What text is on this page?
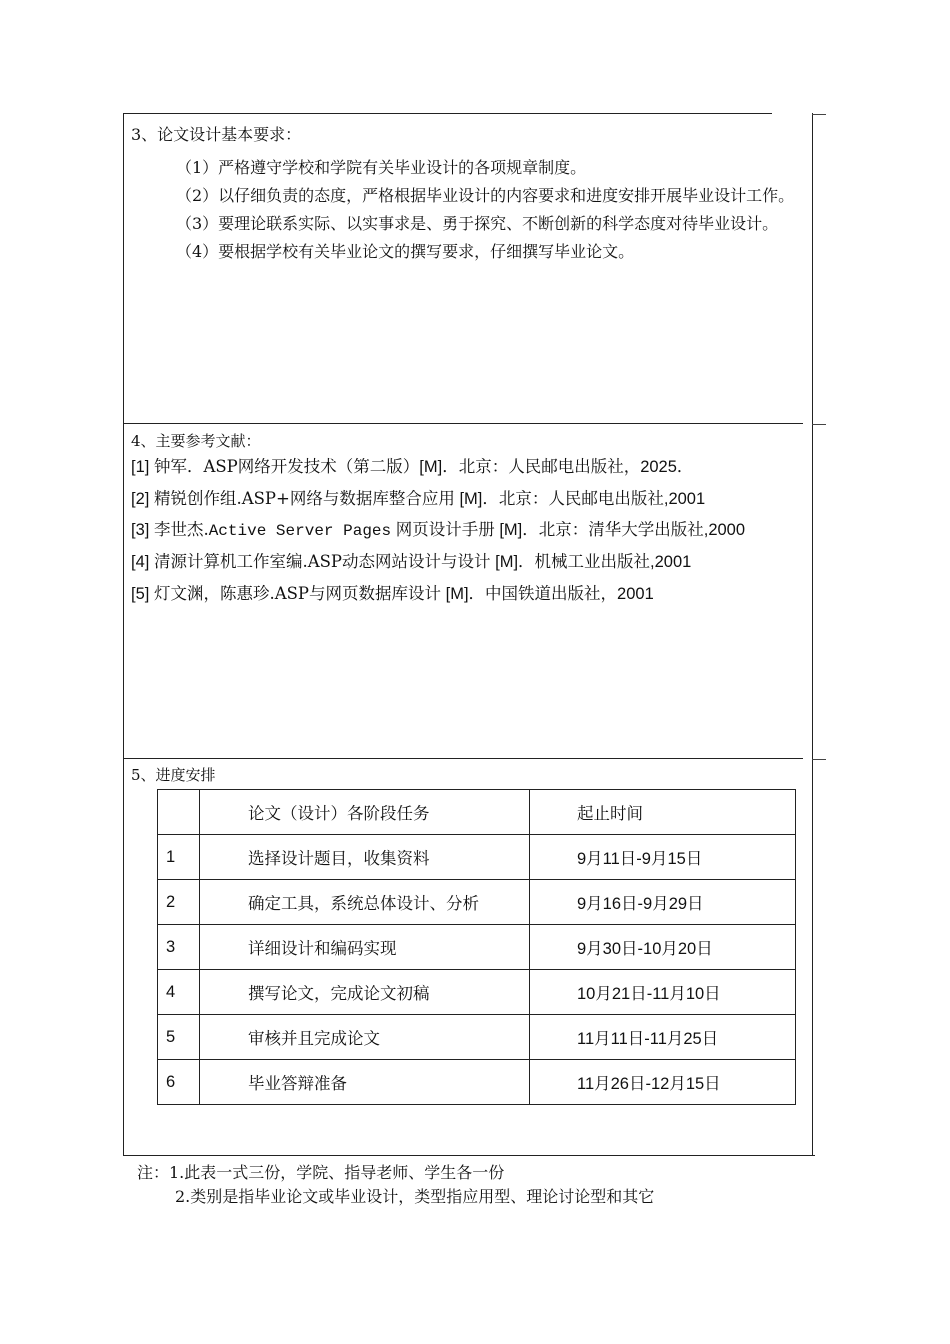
3、论文设计基本要求：

（1）严格遵守学校和学院有关毕业设计的各项规章制度。

（2）以仔细负责的态度，严格根据毕业设计的内容要求和进度安排开展毕业设计工作。

（3）要理论联系实际、以实事求是、勇于探究、不断创新的科学态度对待毕业设计。

（4）要根据学校有关毕业论文的撰写要求，仔细撰写毕业论文。

4、主要参考文献：

[1] 钟军．ASP网络开发技术（第二版）[M]．北京：人民邮电出版社，2025．

[2] 精锐创作组.ASP+网络与数据库整合应用 [M]．北京：人民邮电出版社,2001

[3] 李世杰.Active Server Pages 网页设计手册 [M]．北京：清华大学出版社,2000

[4] 清源计算机工作室编.ASP动态网站设计与设计 [M]．机械工业出版社,2001

[5] 灯文渊，陈惠珍.ASP与网页数据库设计 [M]．中国铁道出版社，2001

5、进度安排

	论文（设计）各阶段任务	起止时间
1	选择设计题目，收集资料	9月11日-9月15日
2	确定工具，系统总体设计、分析	9月16日-9月29日
3	详细设计和编码实现	9月30日-10月20日
4	撰写论文，完成论文初稿	10月21日-11月10日
5	审核并且完成论文	11月11日-11月25日
6	毕业答辩准备	11月26日-12月15日
注：1.此表一式三份，学院、指导老师、学生各一份
2.类别是指毕业论文或毕业设计，类型指应用型、理论讨论型和其它
